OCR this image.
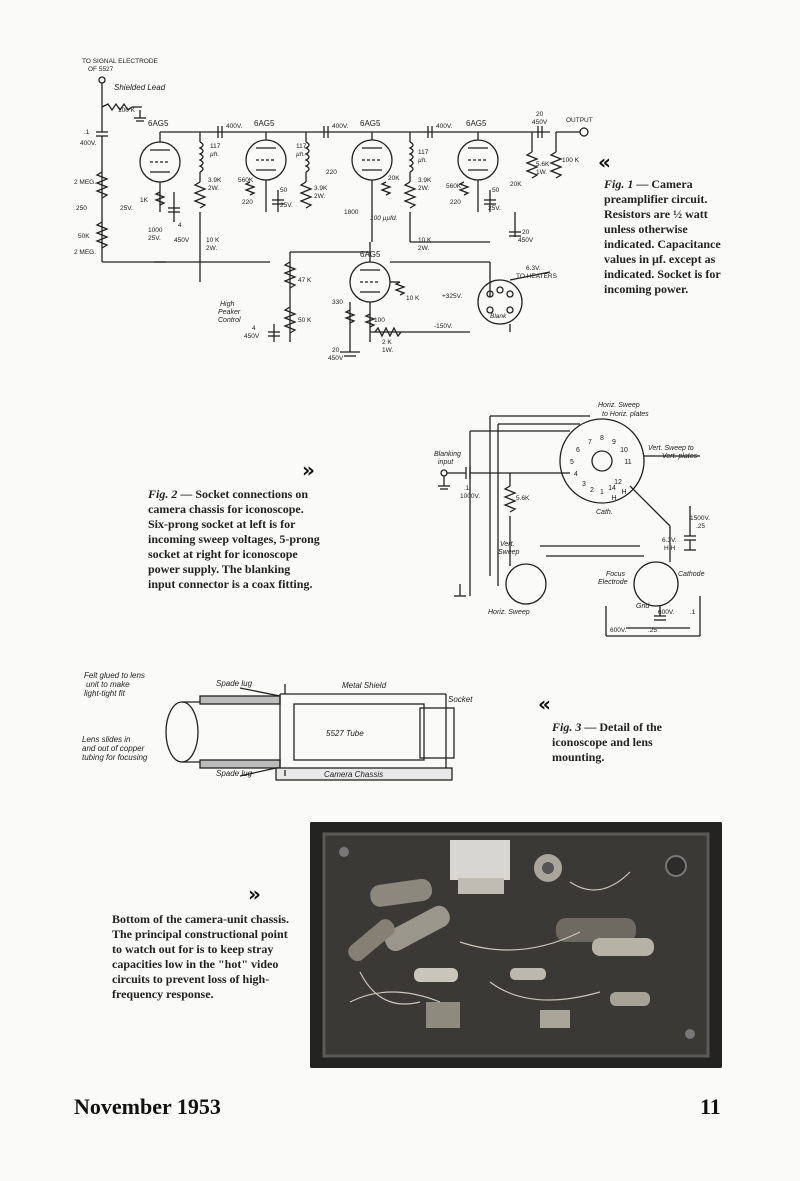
TO SIGNAL ELECTRODE
OF 5527
Shielded Lead
100 K
.1
400V.
6AG5	6AG5	6AG5	6AG5
6AG5
OUTPUT
20
450V
400V.	400V.	400V.
2 MEG.
2 MEG.
250	25V.
50K
1K
1000
25V.
4
450V
117
µh.
117
µh.	117
µh.
3.9K
2W.	3.9K
2W.
3.9K
2W.
560K
560K
220
220
220
50
25V.
50
25V.
20K
20K
100 µµfd.
1800
10 K
2W.
10 K
2W.
20
450V
5.6K
1W.
100 K
47 K
50 K
330
100
10 K
2 K
1W.
20
450V
4
450V
High
Peaker
Control
+325V.
-150V.
Blank
6.3V.
TO HEATERS
«
Fig. 1 — Camera preamplifier circuit. Resistors are ½ watt unless otherwise indicated. Capacitance values in µf. except as indicated. Socket is for incoming power.
»
Fig. 2 — Socket connections on camera chassis for iconoscope. Six-prong socket at left is for incoming sweep voltages, 5-prong socket at right for iconoscope power supply. The blanking input connector is a coax fitting.
Horiz. Sweep
to Horiz. plates
Vert. Sweep to
Vert. plates
Blanking
input
.1
1000V.	5.6K
Cath.
Vert.
Sweep
Horiz. Sweep
Focus
Electrode
Grid
Cathode
1500V.
.25
6.3V.
H H
600V. .1
600V.	.25
7
8
9
6	10
5	11
4
3
2 1
12
14
H
H
Felt glued to lens
unit to make
light-tight fit
Spade lug	Metal Shield
Socket
5527 Tube
Lens slides in
and out of copper
tubing for focusing
Spade lug	Camera Chassis
«
Fig. 3 — Detail of the iconoscope and lens mounting.
»
Bottom of the camera-unit chassis. The principal constructional point to watch out for is to keep stray capacities low in the "hot" video circuits to prevent loss of high-frequency response.
November 1953	11
